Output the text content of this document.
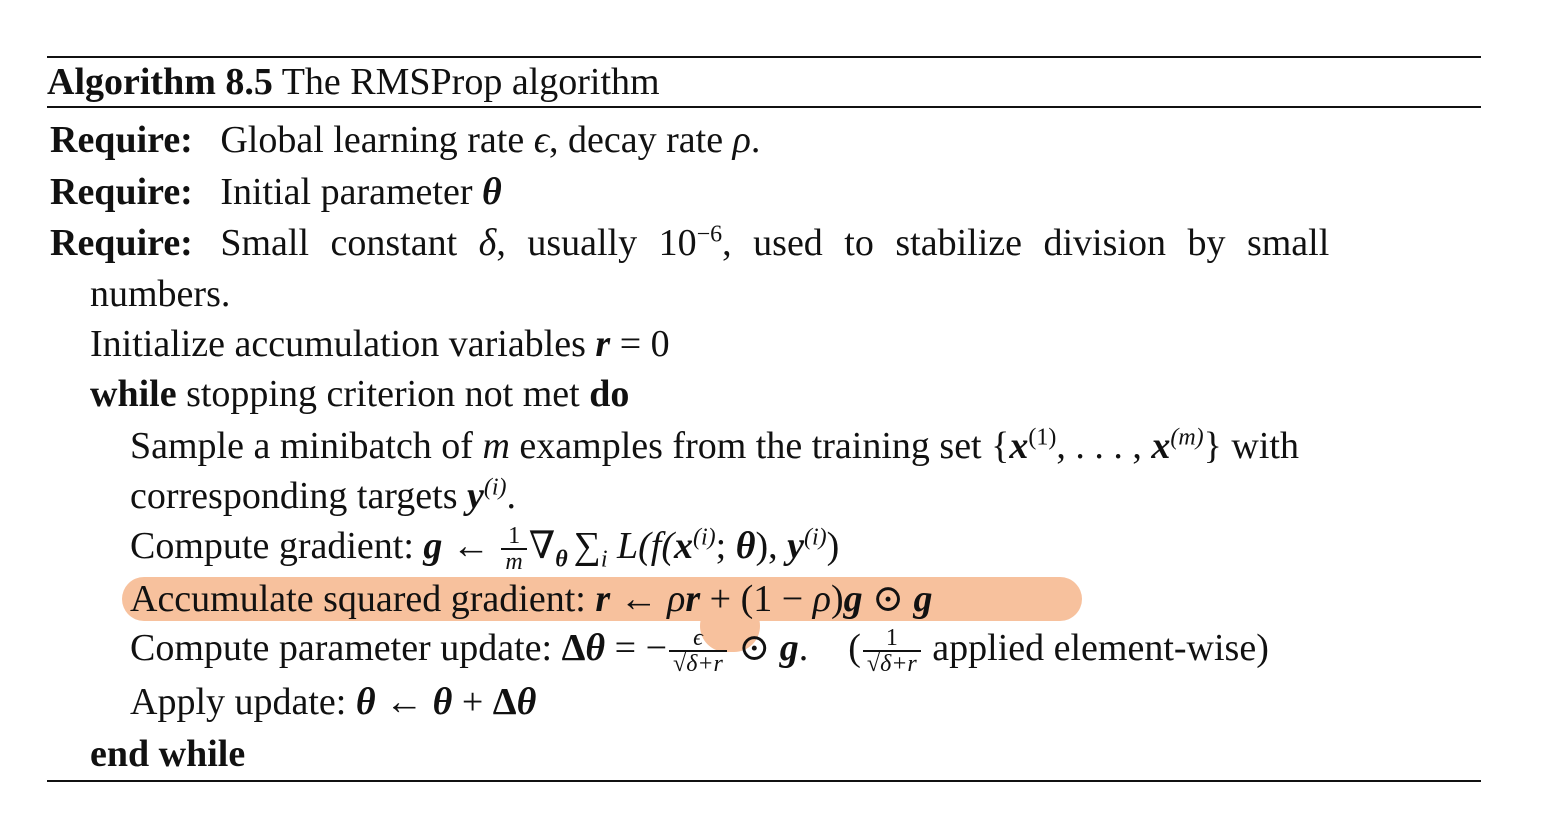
Algorithm 8.5 The RMSProp algorithm
Require: Global learning rate ϵ, decay rate ρ.
Require: Initial parameter θ
Require: Small constant δ, usually $10^{-6}$, used to stabilize division by small
numbers.
Initialize accumulation variables r = 0
while stopping criterion not met do
Sample a minibatch of m examples from the training set {$x^{(1)}$, . . . , $x^{(m)}$} with
corresponding targets $y^{(i)}$.
Compute gradient: g ← $\frac{1}{m} \nabla_\theta$ $\sum_i$ $L(f(x^{(i)}$; θ), $y^{(i)}$)
Accumulate squared gradient: r ← ρr + (1 − ρ)g ⊙ g
Compute parameter update: Δθ = − $\frac{\epsilon}{√\delta+r}$ ⊙ g. ( $\frac{1}{√\delta+r}$ applied element-wise)
Apply update: θ ← θ + Δθ
end while
